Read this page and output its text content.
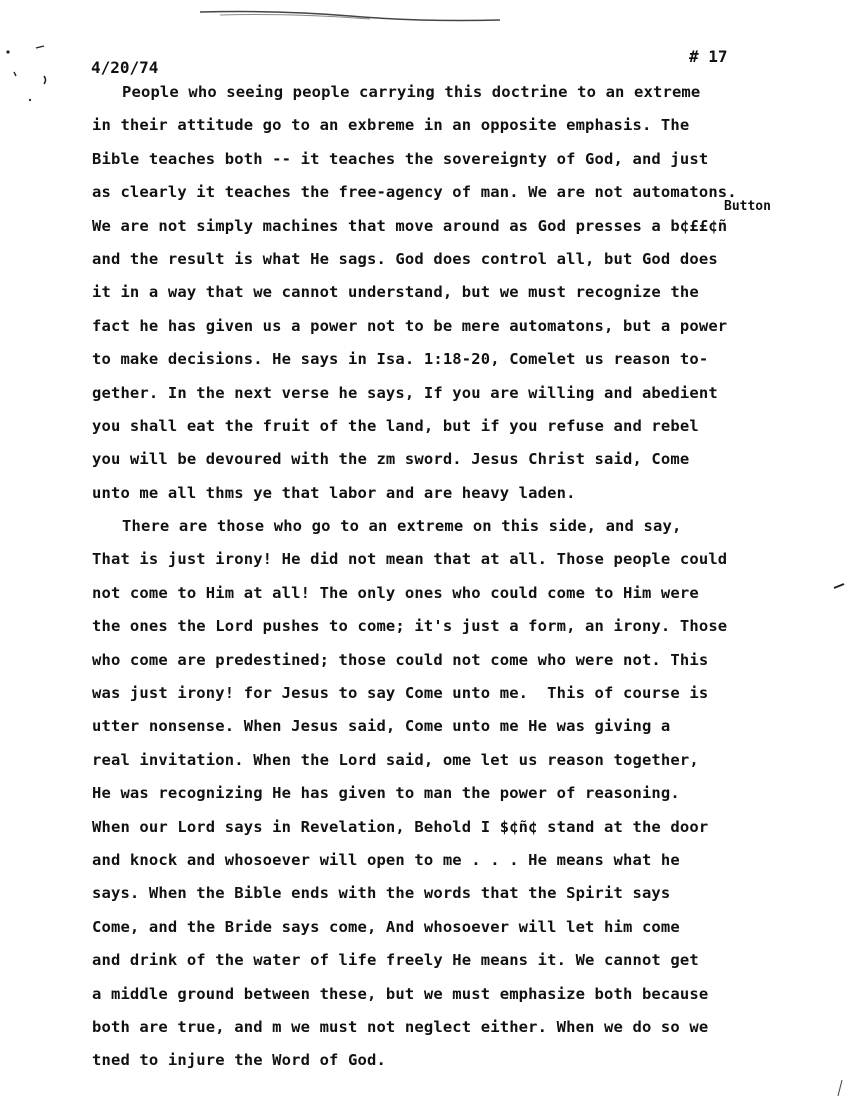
4/20/74
# 17
Button
People who seeing people carrying this doctrine to an extreme
in their attitude go to an exbreme in an opposite emphasis. The
Bible teaches both -- it teaches the sovereignty of God, and just
as clearly it teaches the free-agency of man. We are not automatons.
We are not simply machines that move around as God presses a b¢££¢ñ
and the result is what He sags. God does control all, but God does
it in a way that we cannot understand, but we must recognize the
fact he has given us a power not to be mere automatons, but a power
to make decisions. He says in Isa. 1:18-20, Comelet us reason to-
gether. In the next verse he says, If you are willing and abedient
you shall eat the fruit of the land, but if you refuse and rebel
you will be devoured with the zm sword. Jesus Christ said, Come
unto me all thms ye that labor and are heavy laden.
There are those who go to an extreme on this side, and say,
That is just irony! He did not mean that at all. Those people could
not come to Him at all! The only ones who could come to Him were
the ones the Lord pushes to come; it's just a form, an irony. Those
who come are predestined; those could not come who were not. This
was just irony! for Jesus to say Come unto me.  This of course is
utter nonsense. When Jesus said, Come unto me He was giving a
real invitation. When the Lord said, ome let us reason together,
He was recognizing He has given to man the power of reasoning.
When our Lord says in Revelation, Behold I $¢ñ¢ stand at the door
and knock and whosoever will open to me . . . He means what he
says. When the Bible ends with the words that the Spirit says
Come, and the Bride says come, And whosoever will let him come
and drink of the water of life freely He means it. We cannot get
a middle ground between these, but we must emphasize both because
both are true, and m we must not neglect either. When we do so we
tned to injure the Word of God.
